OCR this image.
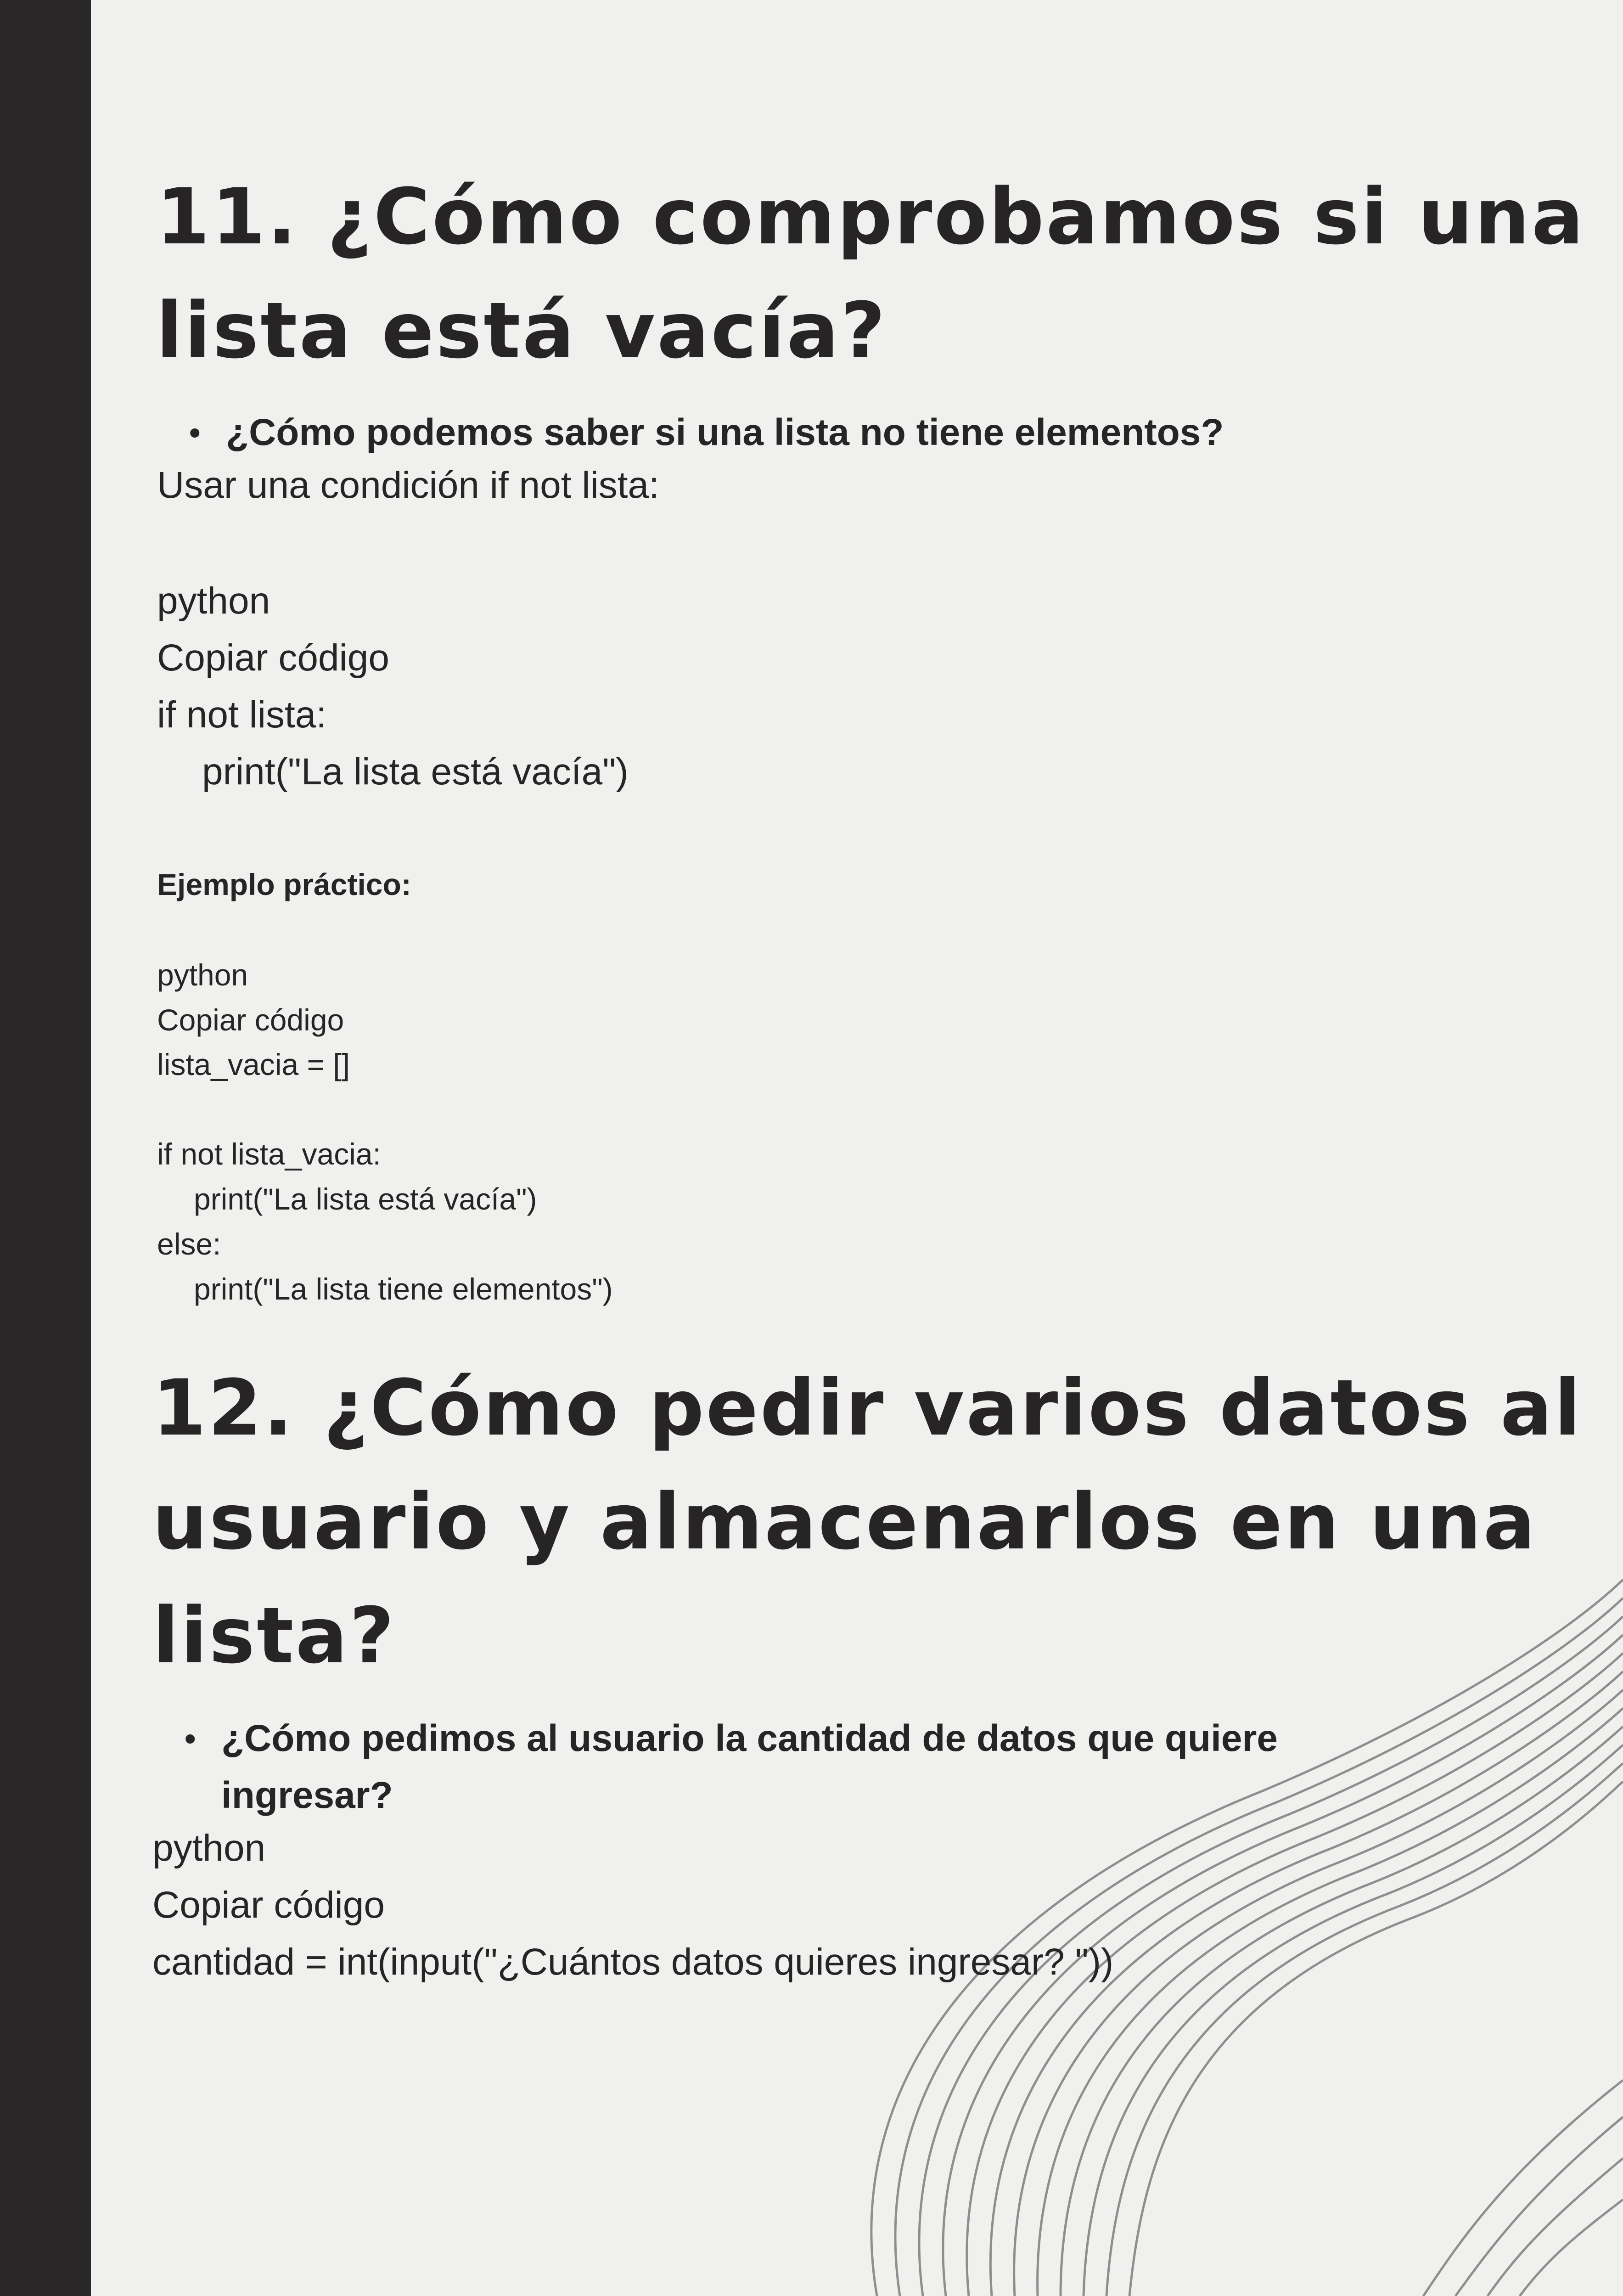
11. ¿Cómo comprobamos si una
lista está vacía?

• ¿Cómo podemos saber si una lista no tiene elementos?

Usar una condición if not lista:

python

Copiar código

if not lista:

print("La lista está vacía")

Ejemplo práctico:

python

Copiar código

lista_vacia = []

if not lista_vacia:

print("La lista está vacía")

else:

print("La lista tiene elementos")

12. ¿Cómo pedir varios datos al
usuario y almacenarlos en una
lista?

• ¿Cómo pedimos al usuario la cantidad de datos que quiere
ingresar?

python

Copiar código

cantidad = int(input("¿Cuántos datos quieres ingresar? "))
